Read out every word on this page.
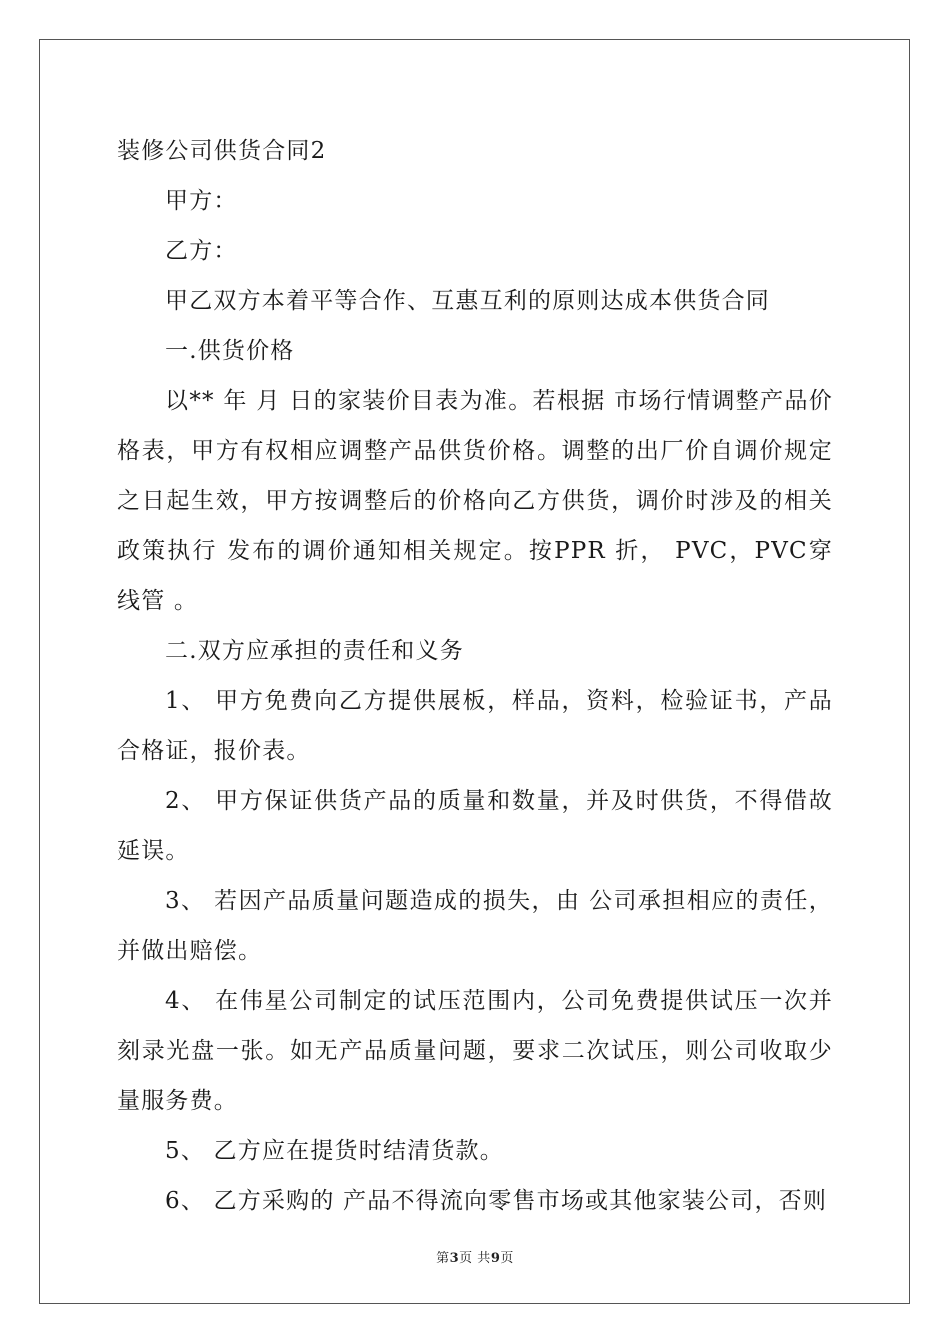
装修公司供货合同2

甲方：

乙方：

甲乙双方本着平等合作、互惠互利的原则达成本供货合同

一.供货价格

以** 年 月 日的家装价目表为准。若根据 市场行情调整产品价格表，甲方有权相应调整产品供货价格。调整的出厂价自调价规定之日起生效，甲方按调整后的价格向乙方供货，调价时涉及的相关政策执行 发布的调价通知相关规定。按PPR 折， PVC，PVC穿线管 。

二.双方应承担的责任和义务

1、 甲方免费向乙方提供展板，样品，资料，检验证书，产品合格证，报价表。

2、 甲方保证供货产品的质量和数量，并及时供货，不得借故延误。

3、 若因产品质量问题造成的损失，由 公司承担相应的责任，并做出赔偿。

4、 在伟星公司制定的试压范围内，公司免费提供试压一次并刻录光盘一张。如无产品质量问题，要求二次试压，则公司收取少量服务费。

5、 乙方应在提货时结清货款。

6、 乙方采购的 产品不得流向零售市场或其他家装公司，否则

第3页 共9页
